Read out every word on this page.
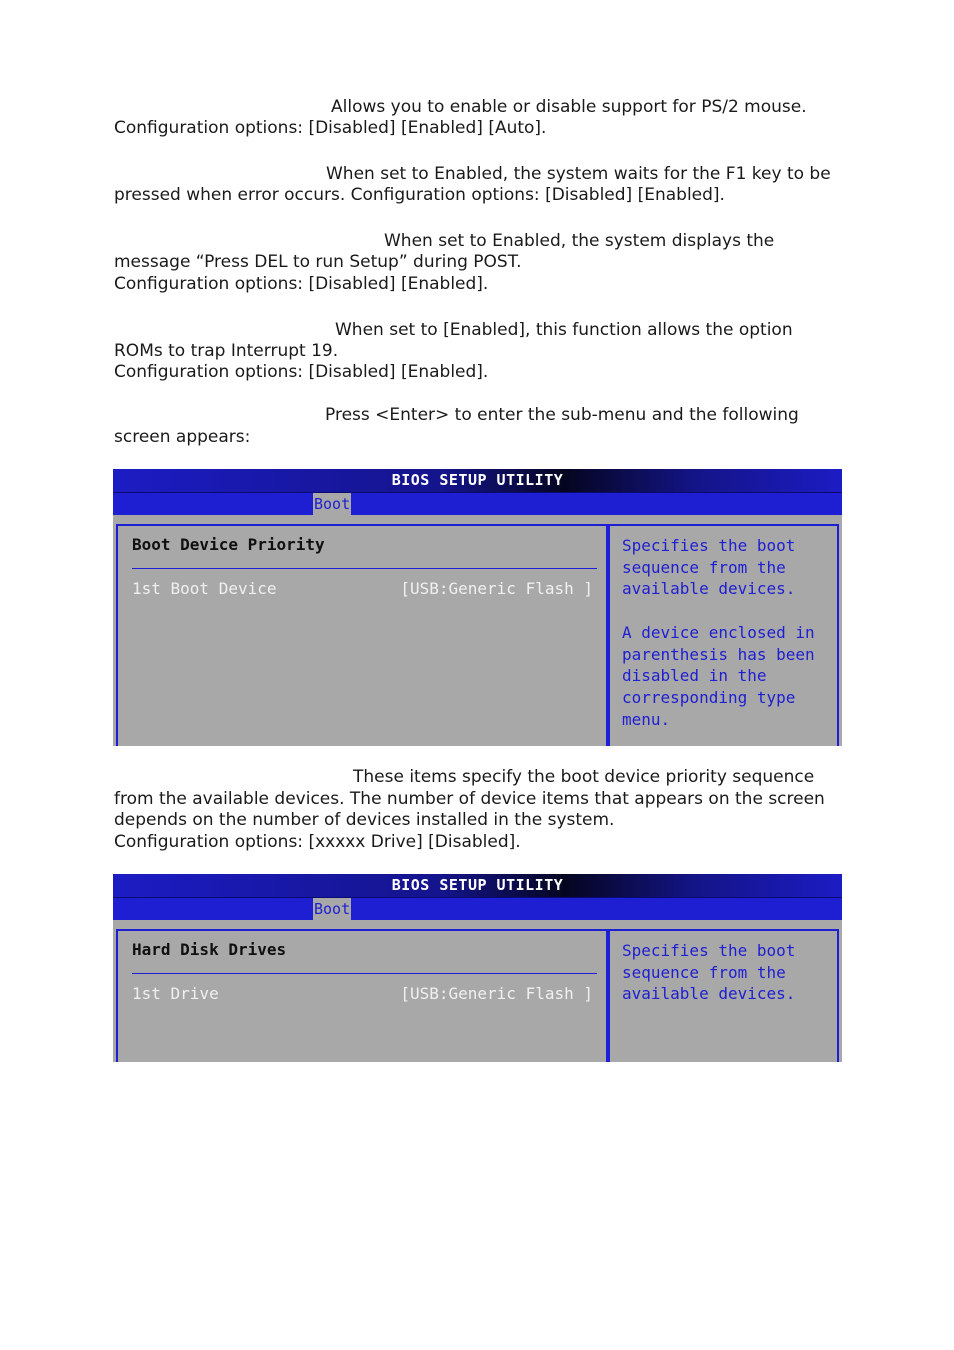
Allows you to enable or disable support for PS/2 mouse.
Configuration options: [Disabled] [Enabled] [Auto].
When set to Enabled, the system waits for the F1 key to be
pressed when error occurs. Configuration options: [Disabled] [Enabled].
When set to Enabled, the system displays the
message “Press DEL to run Setup” during POST.
Configuration options: [Disabled] [Enabled].
When set to [Enabled], this function allows the option
ROMs to trap Interrupt 19.
Configuration options: [Disabled] [Enabled].
Press <Enter> to enter the sub-menu and the following
screen appears:
BIOS SETUP UTILITY
Boot
Boot Device Priority
1st Boot Device	[USB:Generic Flash ]
Specifies the boot
sequence from the
available devices.
A device enclosed in
parenthesis has been
disabled in the
corresponding type
menu.
These items specify the boot device priority sequence
from the available devices. The number of device items that appears on the screen
depends on the number of devices installed in the system.
Configuration options: [xxxxx Drive] [Disabled].
BIOS SETUP UTILITY
Boot
Hard Disk Drives
1st Drive	[USB:Generic Flash ]
Specifies the boot
sequence from the
available devices.
